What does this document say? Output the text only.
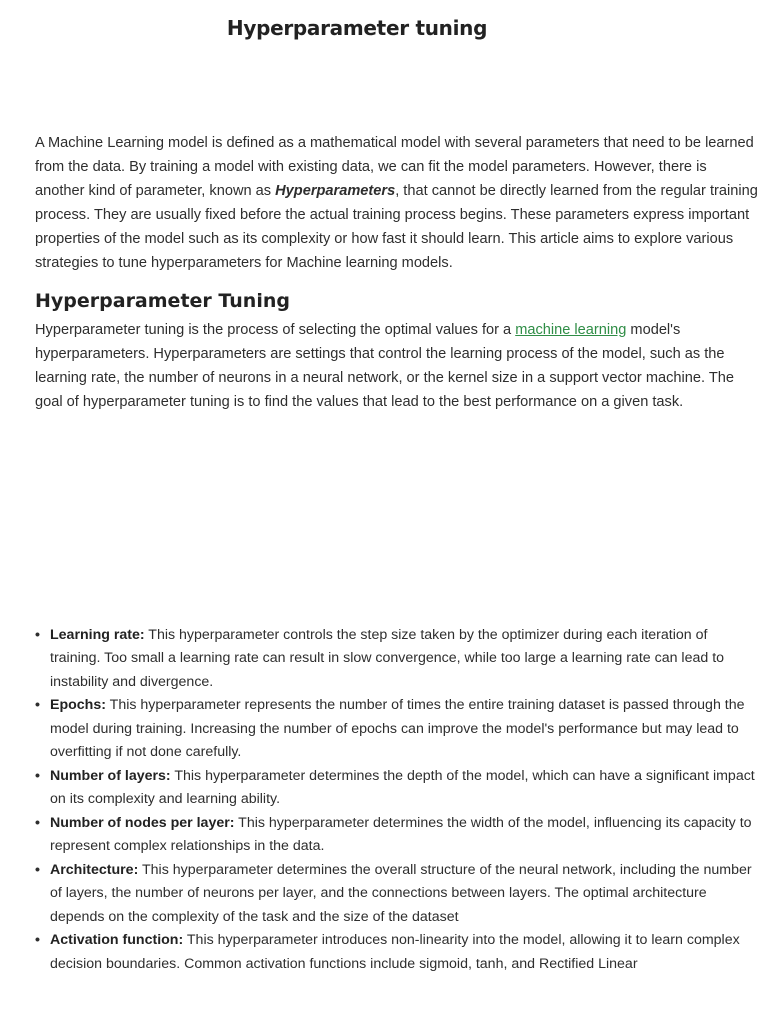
Hyperparameter tuning

A Machine Learning model is defined as a mathematical model with several parameters that need to be learned from the data. By training a model with existing data, we can fit the model parameters. However, there is another kind of parameter, known as Hyperparameters, that cannot be directly learned from the regular training process. They are usually fixed before the actual training process begins. These parameters express important properties of the model such as its complexity or how fast it should learn. This article aims to explore various strategies to tune hyperparameters for Machine learning models.

Hyperparameter Tuning

Hyperparameter tuning is the process of selecting the optimal values for a machine learning model's hyperparameters. Hyperparameters are settings that control the learning process of the model, such as the learning rate, the number of neurons in a neural network, or the kernel size in a support vector machine. The goal of hyperparameter tuning is to find the values that lead to the best performance on a given task.

• Learning rate: This hyperparameter controls the step size taken by the optimizer during each iteration of training. Too small a learning rate can result in slow convergence, while too large a learning rate can lead to instability and divergence.
• Epochs: This hyperparameter represents the number of times the entire training dataset is passed through the model during training. Increasing the number of epochs can improve the model's performance but may lead to overfitting if not done carefully.
• Number of layers: This hyperparameter determines the depth of the model, which can have a significant impact on its complexity and learning ability.
• Number of nodes per layer: This hyperparameter determines the width of the model, influencing its capacity to represent complex relationships in the data.
• Architecture: This hyperparameter determines the overall structure of the neural network, including the number of layers, the number of neurons per layer, and the connections between layers. The optimal architecture depends on the complexity of the task and the size of the dataset
• Activation function: This hyperparameter introduces non-linearity into the model, allowing it to learn complex decision boundaries. Common activation functions include sigmoid, tanh, and Rectified Linear
